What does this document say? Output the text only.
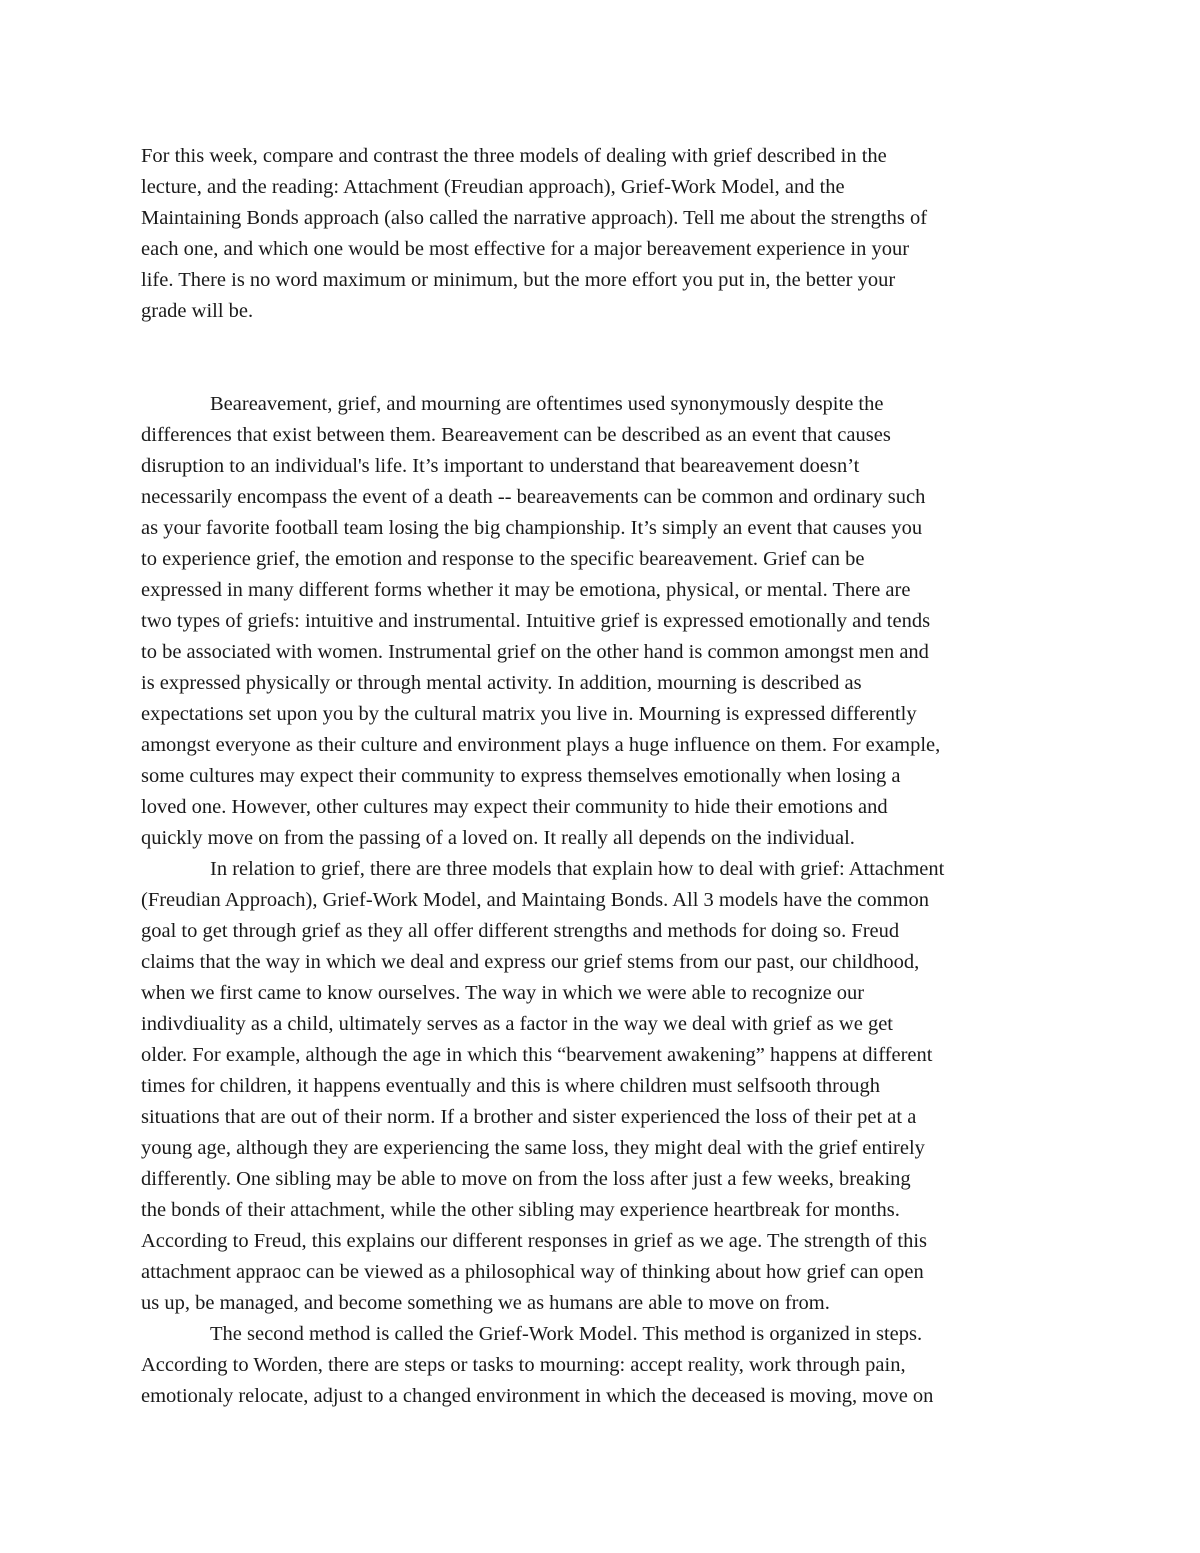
For this week, compare and contrast the three models of dealing with grief described in the
lecture, and the reading: Attachment (Freudian approach), Grief-Work Model, and the
Maintaining Bonds approach (also called the narrative approach). Tell me about the strengths of
each one, and which one would be most effective for a major bereavement experience in your
life. There is no word maximum or minimum, but the more effort you put in, the better your
grade will be.
Beareavement, grief, and mourning are oftentimes used synonymously despite the
differences that exist between them. Beareavement can be described as an event that causes
disruption to an individual's life. It’s important to understand that beareavement doesn’t
necessarily encompass the event of a death -- beareavements can be common and ordinary such
as your favorite football team losing the big championship. It’s simply an event that causes you
to experience grief, the emotion and response to the specific beareavement. Grief can be
expressed in many different forms whether it may be emotiona, physical, or mental. There are
two types of griefs: intuitive and instrumental. Intuitive grief is expressed emotionally and tends
to be associated with women. Instrumental grief on the other hand is common amongst men and
is expressed physically or through mental activity. In addition, mourning is described as
expectations set upon you by the cultural matrix you live in. Mourning is expressed differently
amongst everyone as their culture and environment plays a huge influence on them. For example,
some cultures may expect their community to express themselves emotionally when losing a
loved one. However, other cultures may expect their community to hide their emotions and
quickly move on from the passing of a loved on. It really all depends on the individual.
In relation to grief, there are three models that explain how to deal with grief: Attachment
(Freudian Approach), Grief-Work Model, and Maintaing Bonds. All 3 models have the common
goal to get through grief as they all offer different strengths and methods for doing so. Freud
claims that the way in which we deal and express our grief stems from our past, our childhood,
when we first came to know ourselves. The way in which we were able to recognize our
indivdiuality as a child, ultimately serves as a factor in the way we deal with grief as we get
older. For example, although the age in which this “bearvement awakening” happens at different
times for children, it happens eventually and this is where children must selfsooth through
situations that are out of their norm. If a brother and sister experienced the loss of their pet at a
young age, although they are experiencing the same loss, they might deal with the grief entirely
differently. One sibling may be able to move on from the loss after just a few weeks, breaking
the bonds of their attachment, while the other sibling may experience heartbreak for months.
According to Freud, this explains our different responses in grief as we age. The strength of this
attachment appraoc can be viewed as a philosophical way of thinking about how grief can open
us up, be managed, and become something we as humans are able to move on from.
The second method is called the Grief-Work Model. This method is organized in steps.
According to Worden, there are steps or tasks to mourning: accept reality, work through pain,
emotionaly relocate, adjust to a changed environment in which the deceased is moving, move on
